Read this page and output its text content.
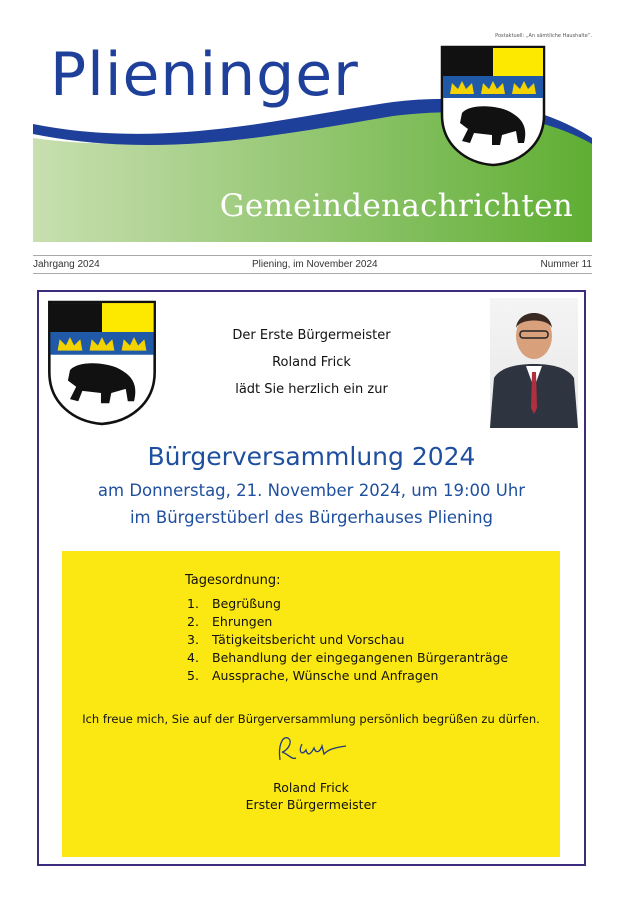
Postaktuell: „An sämtliche Haushalte“.
Plieninger
Gemeindenachrichten
Jahrgang 2024	Pliening, im November 2024	Nummer 11
Der Erste Bürgermeister
Roland Frick
lädt Sie herzlich ein zur
Bürgerversammlung 2024
am Donnerstag, 21. November 2024, um 19:00 Uhr
im Bürgerstüberl des Bürgerhauses Pliening
Tagesordnung:
1. Begrüßung
2. Ehrungen
3. Tätigkeitsbericht und Vorschau
4. Behandlung der eingegangenen Bürgeranträge
5. Aussprache, Wünsche und Anfragen
Ich freue mich, Sie auf der Bürgerversammlung persönlich begrüßen zu dürfen.
Roland Frick
Erster Bürgermeister
